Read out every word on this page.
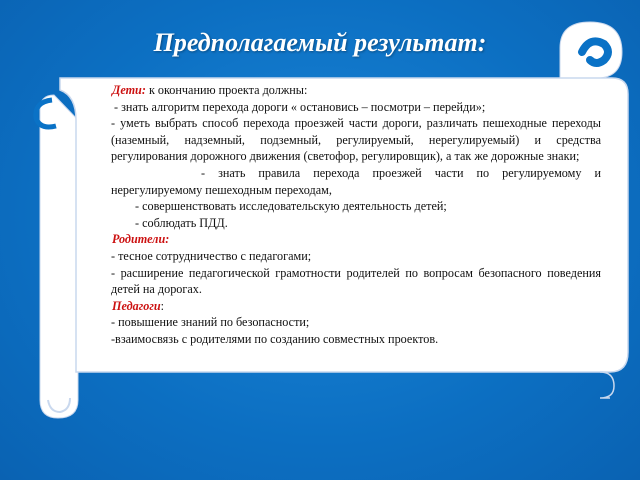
Предполагаемый результат:

Дети: к окончанию проекта должны:

- знать алгоритм перехода дороги « остановись – посмотри – перейди»;

- уметь выбрать способ перехода проезжей части дороги, различать пешеходные переходы (наземный, надземный, подземный, регулируемый, нерегулируемый) и средства регулирования дорожного движения (светофор, регулировщик), а так же дорожные знаки;

- знать правила перехода проезжей части по регулируемому и нерегулируемому пешеходным переходам,

- совершенствовать исследовательскую деятельность детей;

- соблюдать ПДД.

Родители:

- тесное сотрудничество с педагогами;

- расширение педагогической грамотности родителей по вопросам безопасного поведения детей на дорогах.

Педагоги:

- повышение знаний по безопасности;

-взаимосвязь с родителями по созданию совместных проектов.
